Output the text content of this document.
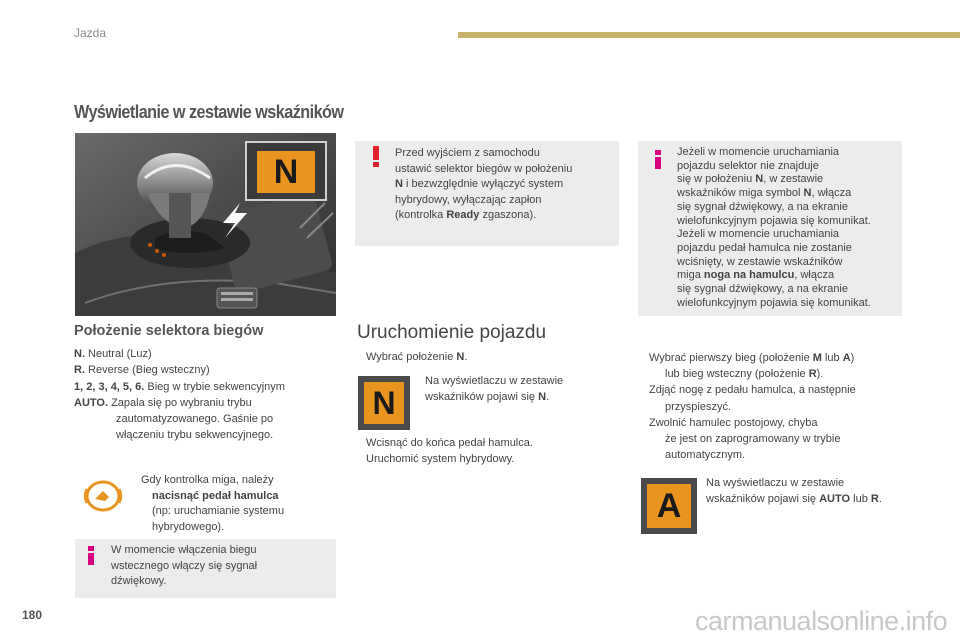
Jazda
Wyświetlanie w zestawie wskaźników
N
Położenie selektora biegów
N. Neutral (Luz)
R. Reverse (Bieg wsteczny)
1, 2, 3, 4, 5, 6. Bieg w trybie sekwencyjnym
AUTO. Zapala się po wybraniu trybu
zautomatyzowanego. Gaśnie po
włączeniu trybu sekwencyjnego.
Gdy kontrolka miga, należy
nacisnąć pedał hamulca
(np: uruchamianie systemu
hybrydowego).
W momencie włączenia biegu
wstecznego włączy się sygnał
dźwiękowy.
Przed wyjściem z samochodu
ustawić selektor biegów w położeniu
N i bezwzględnie wyłączyć system
hybrydowy, wyłączając zapłon
(kontrolka Ready zgaszona).
Jeżeli w momencie uruchamiania
pojazdu selektor nie znajduje
się w położeniu N, w zestawie
wskaźników miga symbol N, włącza
się sygnał dźwiękowy, a na ekranie
wielofunkcyjnym pojawia się komunikat.
Jeżeli w momencie uruchamiania
pojazdu pedał hamulca nie zostanie
wciśnięty, w zestawie wskaźników
miga noga na hamulcu, włącza
się sygnał dźwiękowy, a na ekranie
wielofunkcyjnym pojawia się komunikat.
Uruchomienie pojazdu
Wybrać położenie N.
N
Na wyświetlaczu w zestawie
wskaźników pojawi się N.
Wcisnąć do końca pedał hamulca.
Uruchomić system hybrydowy.
Wybrać pierwszy bieg (położenie M lub A)
lub bieg wsteczny (położenie R).
Zdjąć nogę z pedału hamulca, a następnie
przyspieszyć.
Zwolnić hamulec postojowy, chyba
że jest on zaprogramowany w trybie
automatycznym.
A
Na wyświetlaczu w zestawie
wskaźników pojawi się AUTO lub R.
180	carmanualsonline.info
